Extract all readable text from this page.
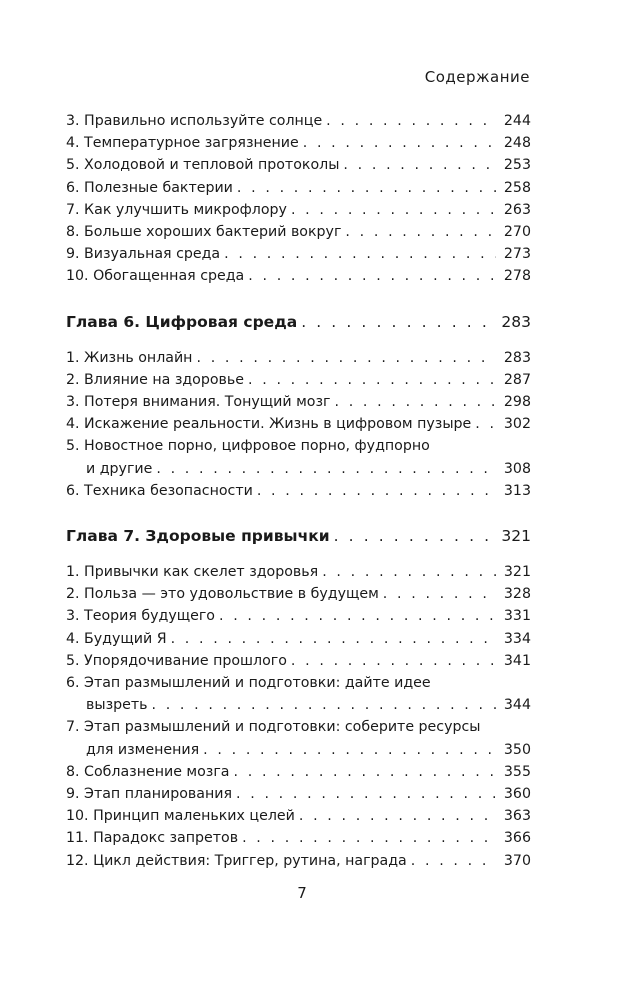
Содержание
3. Правильно используйте солнце . . .	244
4. Температурное загрязнение . . .	248
5. Холодовой и тепловой протоколы . . .	253
6. Полезные бактерии . . .	258
7. Как улучшить микрофлору . . .	263
8. Больше хороших бактерий вокруг . . .	270
9. Визуальная среда . . .	273
10. Обогащенная среда . . .	278
Глава 6. Цифровая среда . . .	283
1. Жизнь онлайн . . .	283
2. Влияние на здоровье . . .	287
3. Потеря внимания. Тонущий мозг . . .	298
4. Искажение реальности. Жизнь в цифровом пузыре . . .	302
5. Новостное порно, цифровое порно, фудпорно
и другие . . .	308
6. Техника безопасности . . .	313
Глава 7. Здоровые привычки . . .	321
1. Привычки как скелет здоровья . . .	321
2. Польза — это удовольствие в будущем . . .	328
3. Теория будущего . . .	331
4. Будущий Я . . .	334
5. Упорядочивание прошлого . . .	341
6. Этап размышлений и подготовки: дайте идее
вызреть . . .	344
7. Этап размышлений и подготовки: соберите ресурсы
для изменения . . .	350
8. Соблазнение мозга . . .	355
9. Этап планирования . . .	360
10. Принцип маленьких целей . . .	363
11. Парадокс запретов . . .	366
12. Цикл действия: Триггер, рутина, награда . . .	370
7
